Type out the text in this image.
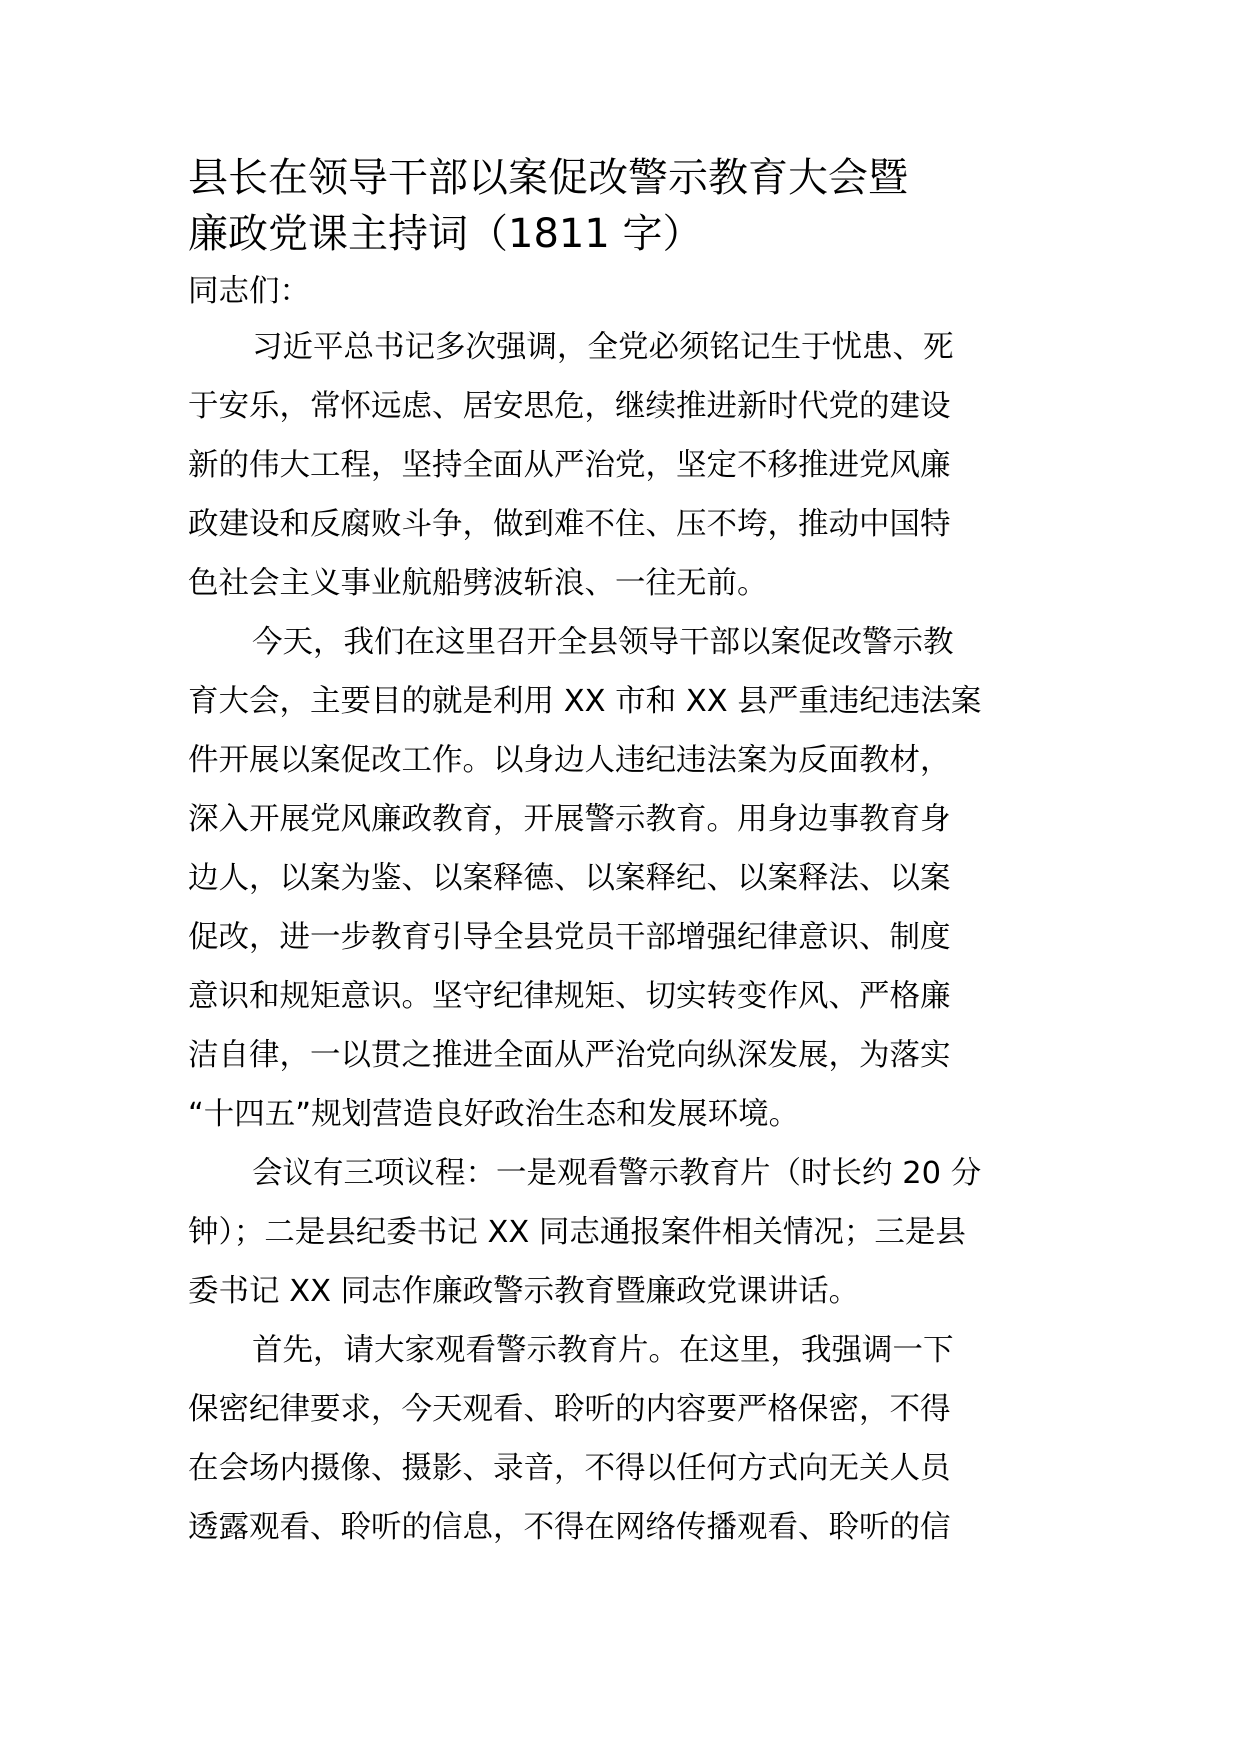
县长在领导干部以案促改警示教育大会暨
廉政党课主持词（1811 字）
同志们：
习近平总书记多次强调，全党必须铭记生于忧患、死
于安乐，常怀远虑、居安思危，继续推进新时代党的建设
新的伟大工程，坚持全面从严治党，坚定不移推进党风廉
政建设和反腐败斗争，做到难不住、压不垮，推动中国特
色社会主义事业航船劈波斩浪、一往无前。
今天，我们在这里召开全县领导干部以案促改警示教
育大会，主要目的就是利用 XX 市和 XX 县严重违纪违法案
件开展以案促改工作。以身边人违纪违法案为反面教材，
深入开展党风廉政教育，开展警示教育。用身边事教育身
边人，以案为鉴、以案释德、以案释纪、以案释法、以案
促改，进一步教育引导全县党员干部增强纪律意识、制度
意识和规矩意识。坚守纪律规矩、切实转变作风、严格廉
洁自律，一以贯之推进全面从严治党向纵深发展，为落实
“十四五”规划营造良好政治生态和发展环境。
会议有三项议程：一是观看警示教育片（时长约 20 分
钟）；二是县纪委书记 XX 同志通报案件相关情况；三是县
委书记 XX 同志作廉政警示教育暨廉政党课讲话。
首先，请大家观看警示教育片。在这里，我强调一下
保密纪律要求，今天观看、聆听的内容要严格保密，不得
在会场内摄像、摄影、录音，不得以任何方式向无关人员
透露观看、聆听的信息，不得在网络传播观看、聆听的信
